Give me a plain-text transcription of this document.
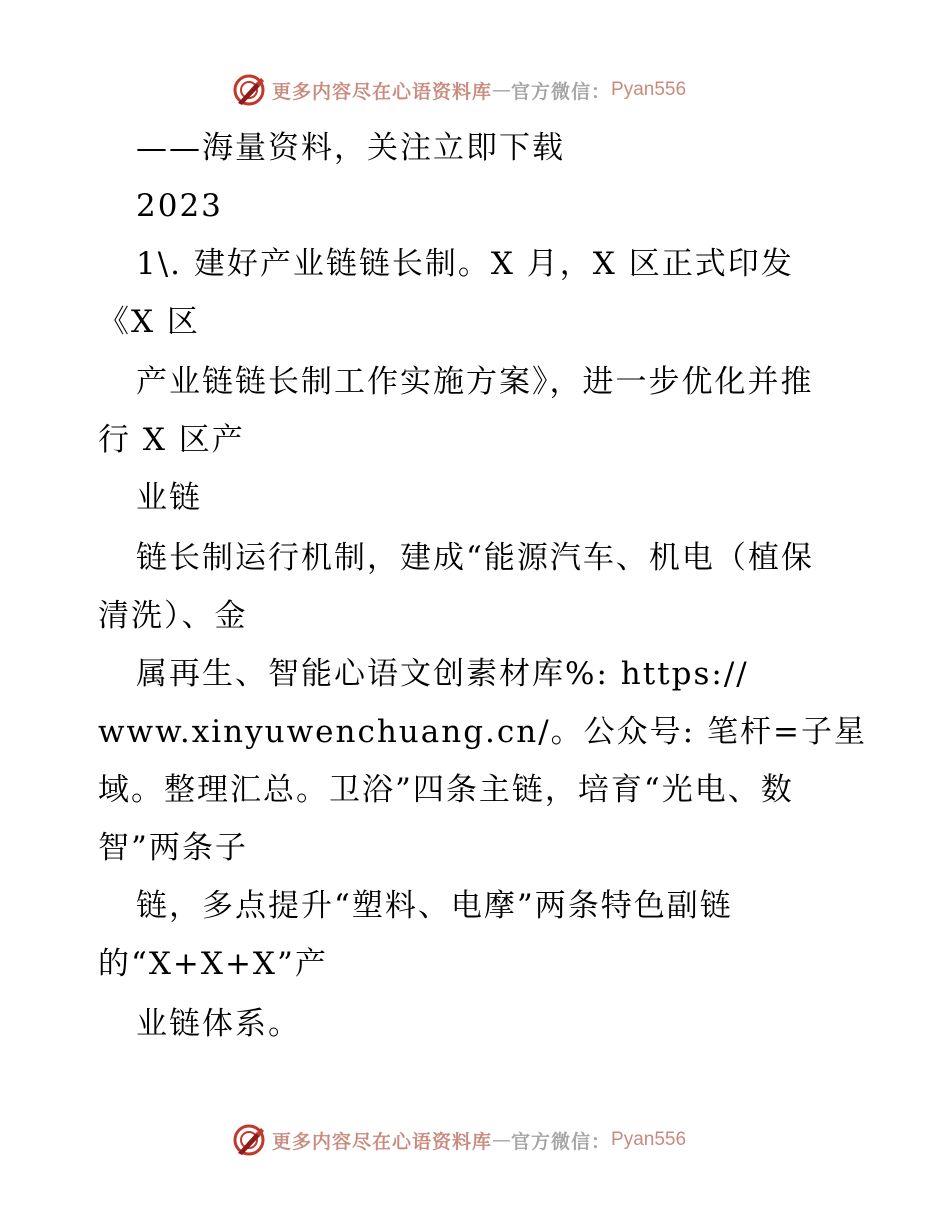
更多内容尽在心语资料库 — 官方微信： Pyan556
——海量资料，关注立即下载
2023
1\. 建好产业链链长制。X 月，X 区正式印发
《X 区
产业链链长制工作实施方案》，进一步优化并推
行 X 区产
业链
链长制运行机制，建成“能源汽车、机电（植保
清洗）、金
属再生、智能心语文创素材库%: https://
www.xinyuwenchuang.cn/。公众号: 笔杆=子星
域。整理汇总。卫浴”四条主链，培育“光电、数
智”两条子
链，多点提升“塑料、电摩”两条特色副链
的“X+X+X”产
业链体系。
更多内容尽在心语资料库 — 官方微信： Pyan556
